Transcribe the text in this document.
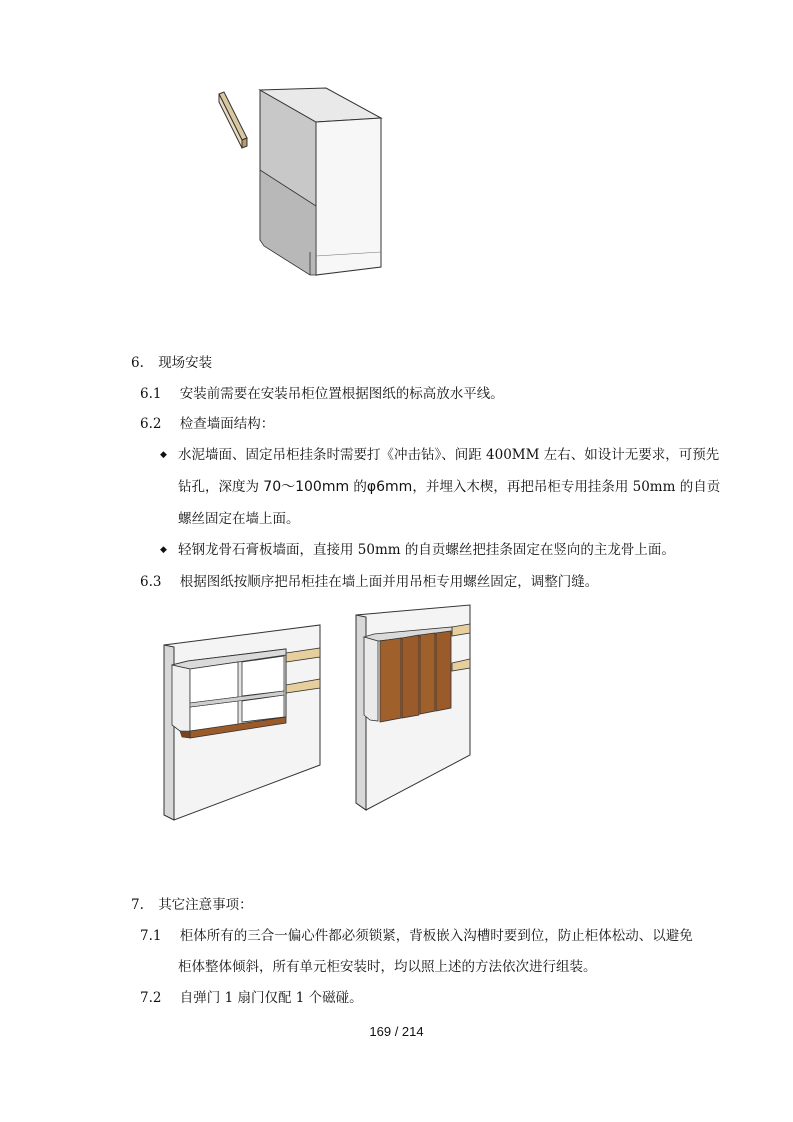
6. 现场安装
6.1 安装前需要在安装吊柜位置根据图纸的标高放水平线。
6.2 检查墙面结构：
◆ 水泥墙面、固定吊柜挂条时需要打《冲击钻》、间距 400MM 左右、如设计无要求，可预先
钻孔，深度为 70～100mm 的φ6mm，并埋入木楔，再把吊柜专用挂条用 50mm 的自贡
螺丝固定在墙上面。
◆ 轻钢龙骨石膏板墙面，直接用 50mm 的自贡螺丝把挂条固定在竖向的主龙骨上面。
6.3 根据图纸按顺序把吊柜挂在墙上面并用吊柜专用螺丝固定，调整门缝。
7. 其它注意事项：
7.1 柜体所有的三合一偏心件都必须锁紧，背板嵌入沟槽时要到位，防止柜体松动、以避免
柜体整体倾斜，所有单元柜安装时，均以照上述的方法依次进行组装。
7.2 自弹门 1 扇门仅配 1 个磁碰。
169 / 214
